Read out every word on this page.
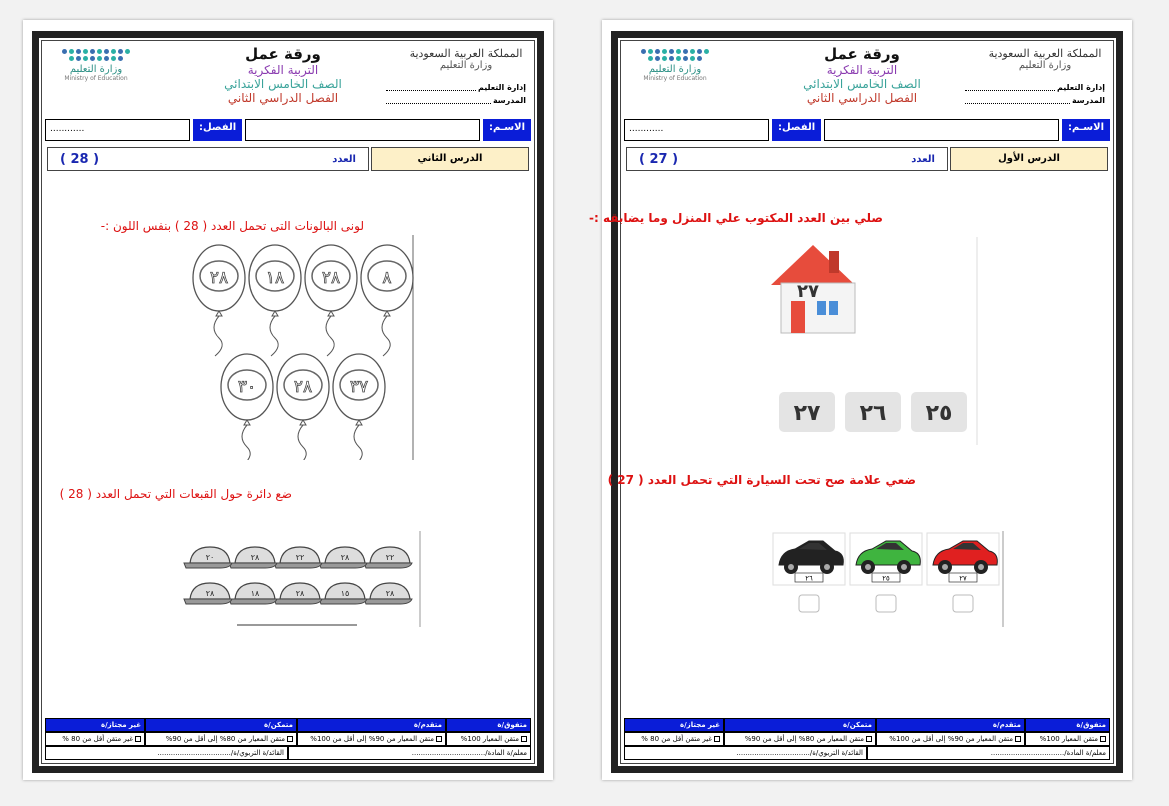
المملكة العربية السعودية
وزارة التعليم
إدارة التعليم
المدرسة
ورقة عمل
التربية الفكرية
الصف الخامس الابتدائي
الفصل الدراسي الثاني
وزارة التعليم
Ministry of Education
الاسـم:
الفصل:
............
الدرس الثاني
العدد
( 28 )
لونى البالونات التى تحمل العدد ( 28 ) بنفس اللون :-
٨
٢٨
١٨
٢٨
٣٧
٢٨
٣٠
ضع دائرة حول القبعات التي تحمل العدد ( 28 )
٢٢
٢٨
٢٢
٢٨
٢٠
٢٨
١٥
٢٨
١٨
٢٨
متفوق/ة
متقدم/ة
متمكن/ة
غير مجتاز/ة
متقن المعيار 100%
متقن المعيار من 90% إلى أقل من 100%
متقن المعيار من 80% إلى أقل من 90%
غير متقن أقل من 80 %
معلم/ة المادة/.................................
القائد/ة التربوي/ة/.................................
المملكة العربية السعودية
وزارة التعليم
إدارة التعليم
المدرسة
ورقة عمل
التربية الفكرية
الصف الخامس الابتدائي
الفصل الدراسي الثاني
وزارة التعليم
Ministry of Education
الاسـم:
الفصل:
............
الدرس الأول
العدد
( 27 )
صلي بين العدد المكتوب علي المنزل وما يضابقه :-
٢٧
٢٥
٢٦
٢٧
ضعي علامة صح تحت السيارة التي تحمل العدد ( 27 )
٢٧
٢٥
٢٦
متفوق/ة
متقدم/ة
متمكن/ة
غير مجتاز/ة
متقن المعيار 100%
متقن المعيار من 90% إلى أقل من 100%
متقن المعيار من 80% إلى أقل من 90%
غير متقن أقل من 80 %
معلم/ة المادة/.................................
القائد/ة التربوي/ة/.................................
